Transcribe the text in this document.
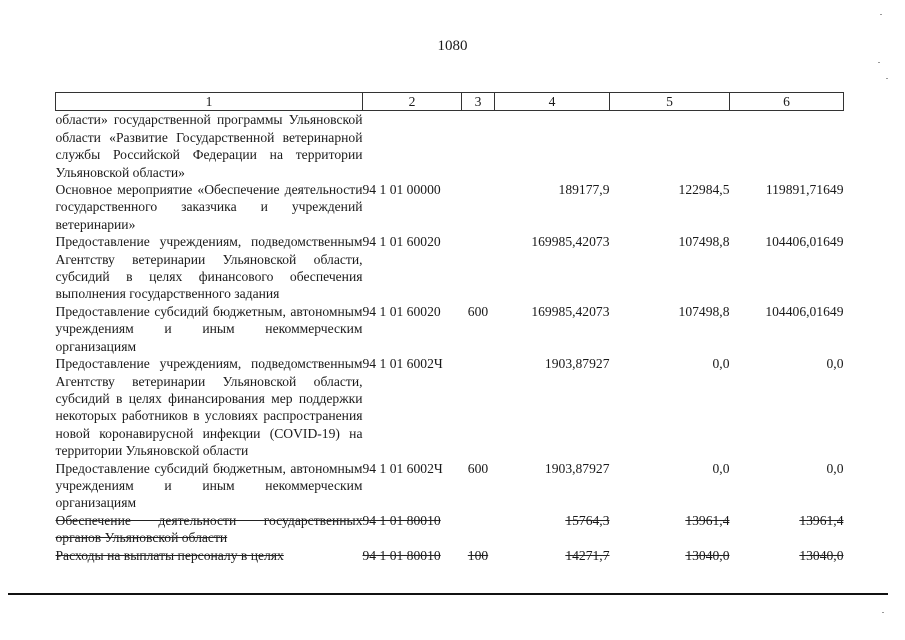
1080
1	2	3	4	5	6
области» государственной программы Ульяновской области «Развитие Государственной ветеринарной службы Российской Федерации на территории Ульяновской области»					
Основное мероприятие «Обеспечение деятельности государственного заказчика и учреждений ветеринарии»	94 1 01 00000		189177,9	122984,5	119891,71649
Предоставление учреждениям, подведомственным Агентству ветеринарии Ульяновской области, субсидий в целях финансового обеспечения выполнения государственного задания	94 1 01 60020		169985,42073	107498,8	104406,01649
Предоставление субсидий бюджетным, автономным учреждениям и иным некоммерческим организациям	94 1 01 60020	600	169985,42073	107498,8	104406,01649
Предоставление учреждениям, подведомственным Агентству ветеринарии Ульяновской области, субсидий в целях финансирования мер поддержки некоторых работников в условиях распространения новой коронавирусной инфекции (COVID-19) на территории Ульяновской области	94 1 01 6002Ч		1903,87927	0,0	0,0
Предоставление субсидий бюджетным, автономным учреждениям и иным некоммерческим организациям	94 1 01 6002Ч	600	1903,87927	0,0	0,0
Обеспечение деятельности государственных органов Ульяновской области	94 1 01 80010		15764,3	13961,4	13961,4
Расходы на выплаты персоналу в целях	94 1 01 80010	100	14271,7	13040,0	13040,0
